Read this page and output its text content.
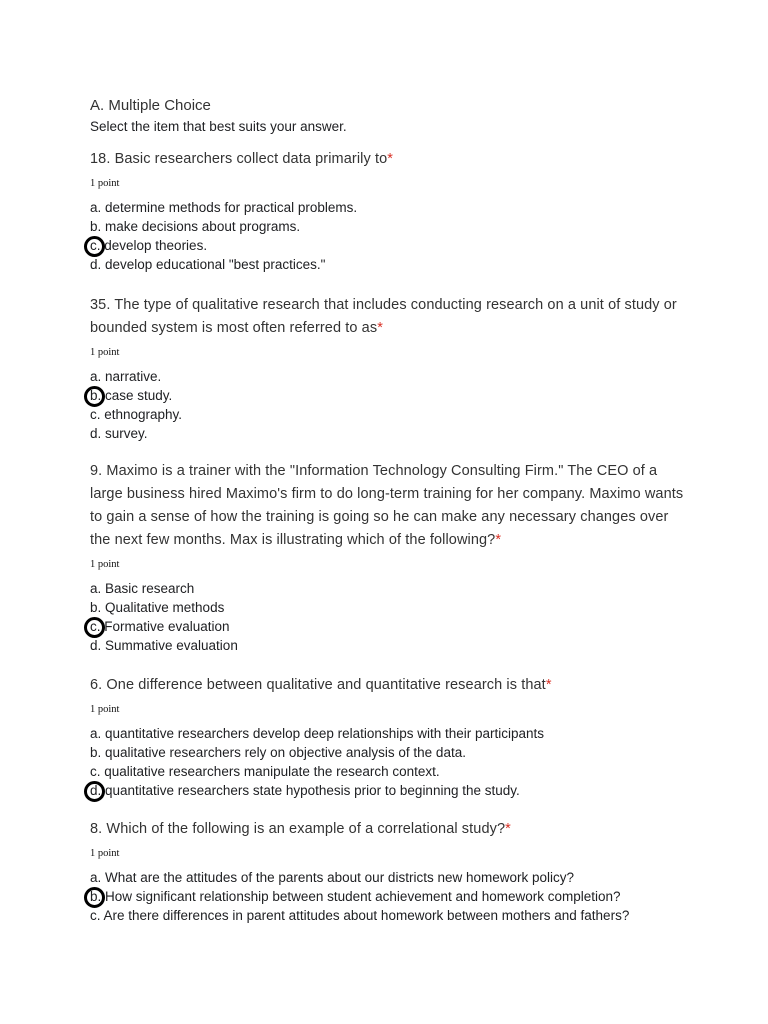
A. Multiple Choice
Select the item that best suits your answer.
18. Basic researchers collect data primarily to*
1 point
a. determine methods for practical problems.
b. make decisions about programs.
c. develop theories.
d. develop educational "best practices."
35. The type of qualitative research that includes conducting research on a unit of study or bounded system is most often referred to as*
1 point
a. narrative.
b. case study.
c. ethnography.
d. survey.
9. Maximo is a trainer with the "Information Technology Consulting Firm." The CEO of a large business hired Maximo's firm to do long-term training for her company. Maximo wants to gain a sense of how the training is going so he can make any necessary changes over the next few months. Max is illustrating which of the following?*
1 point
a. Basic research
b. Qualitative methods
c. Formative evaluation
d. Summative evaluation
6. One difference between qualitative and quantitative research is that*
1 point
a. quantitative researchers develop deep relationships with their participants
b. qualitative researchers rely on objective analysis of the data.
c. qualitative researchers manipulate the research context.
d. quantitative researchers state hypothesis prior to beginning the study.
8. Which of the following is an example of a correlational study?*
1 point
a. What are the attitudes of the parents about our districts new homework policy?
b. How significant relationship between student achievement and homework completion?
c. Are there differences in parent attitudes about homework between mothers and fathers?
